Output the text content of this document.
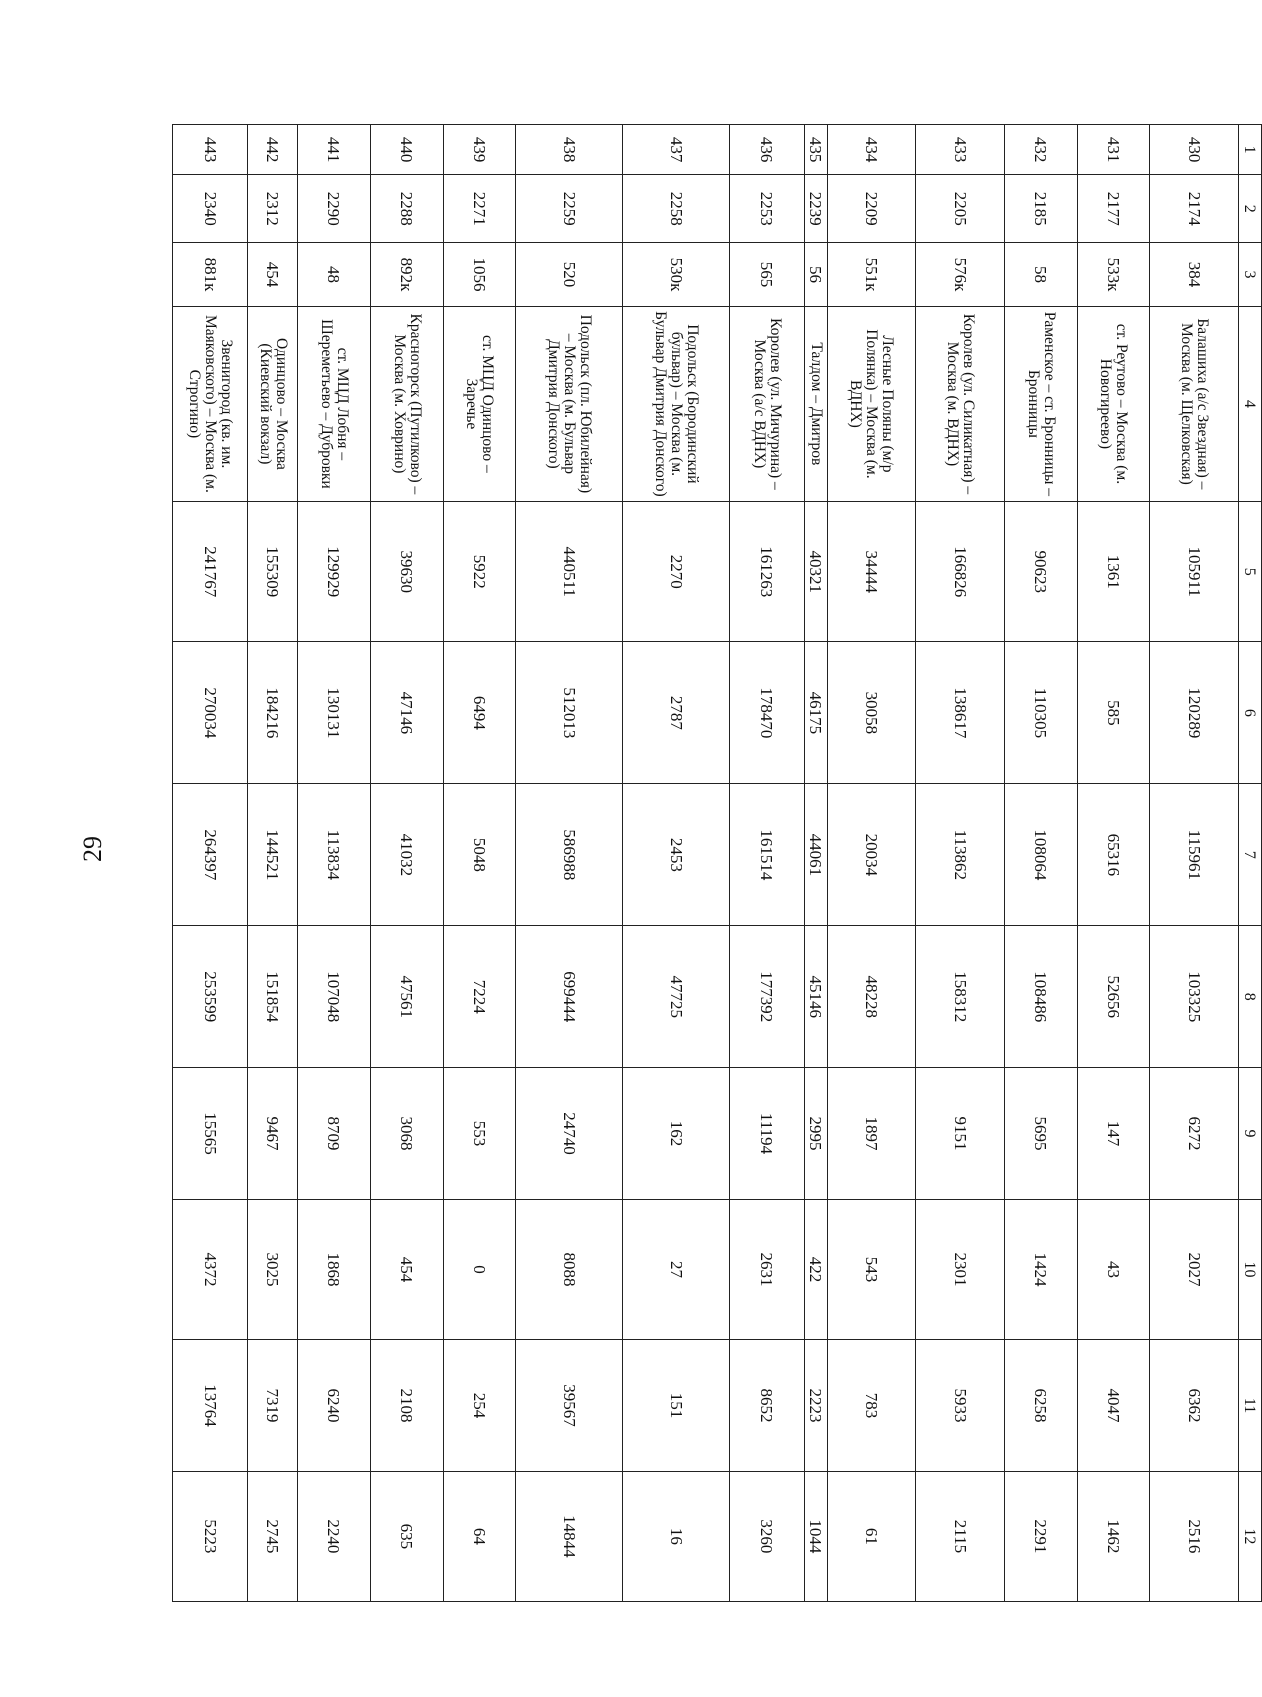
29
1	2	3	4	5	6	7	8	9	10	11	12
430	2174	384	Балашиха (а/с Звездная) – Москва (м. Щелковская)	105911	120289	115961	103325	6272	2027	6362	2516
431	2177	533к	ст. Реутово – Москва (м. Новогиреево)	1361	585	65316	52656	147	43	4047	1462
432	2185	58	Раменское – ст. Бронницы – Бронницы	90623	110305	108064	108486	5695	1424	6258	2291
433	2205	576к	Королев (ул. Силикатная) – Москва (м. ВДНХ)	166826	138617	113862	158312	9151	2301	5933	2115
434	2209	551к	Лесные Поляны (м/р Полянка) – Москва (м. ВДНХ)	34444	30058	20034	48228	1897	543	783	61
435	2239	56	Талдом – Дмитров	40321	46175	44061	45146	2995	422	2223	1044
436	2253	565	Королев (ул. Мичурина) – Москва (а/с ВДНХ)	161263	178470	161514	177392	11194	2631	8652	3260
437	2258	530к	Подольск (Бородинский бульвар) – Москва (м. Бульвар Дмитрия Донского)	2270	2787	2453	47725	162	27	151	16
438	2259	520	Подольск (пл. Юбилейная) – Москва (м. Бульвар Дмитрия Донского)	440511	512013	586988	699444	24740	8088	39567	14844
439	2271	1056	ст. МЦД Одинцово – Заречье	5922	6494	5048	7224	553	0	254	64
440	2288	892к	Красногорск (Путилково) – Москва (м. Ховрино)	39630	47146	41032	47561	3068	454	2108	635
441	2290	48	ст. МЦД Лобня – Шереметьево – Дубровки	129929	130131	113834	107048	8709	1868	6240	2240
442	2312	454	Одинцово – Москва (Киевский вокзал)	155309	184216	144521	151854	9467	3025	7319	2745
443	2340	881к	Звенигород (кв. им. Маяковского) – Москва (м. Строгино)	241767	270034	264397	253599	15565	4372	13764	5223
